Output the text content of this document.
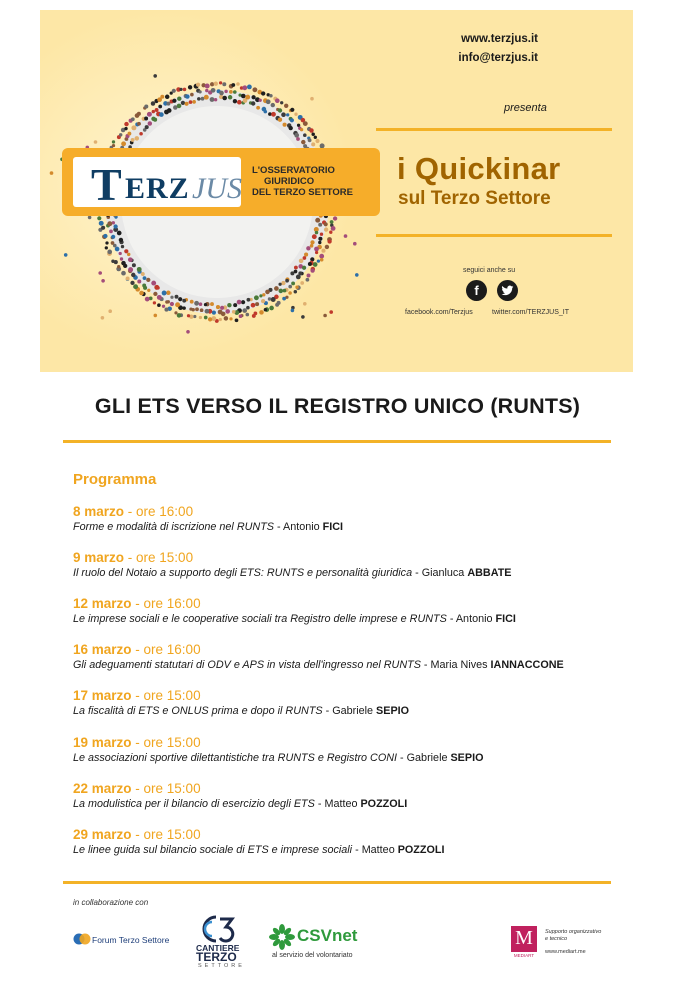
www.terzjus.it
info@terzjus.it
presenta
i Quickinar
sul Terzo Settore
seguici anche su
f
facebook.com/Terzjus	twitter.com/TERZJUS_IT
T ERZ JUS
L'OSSERVATORIO
GIURIDICO
DEL TERZO SETTORE
GLI ETS VERSO IL REGISTRO UNICO (RUNTS)
Programma
8 marzo - ore 16:00
Forme e modalità di iscrizione nel RUNTS - Antonio FICI
9 marzo - ore 15:00
Il ruolo del Notaio a supporto degli ETS: RUNTS e personalità giuridica - Gianluca ABBATE
12 marzo - ore 16:00
Le imprese sociali e le cooperative sociali tra Registro delle imprese e RUNTS - Antonio FICI
16 marzo - ore 16:00
Gli adeguamenti statutari di ODV e APS in vista dell'ingresso nel RUNTS - Maria Nives IANNACCONE
17 marzo - ore 15:00
La fiscalità di ETS e ONLUS prima e dopo il RUNTS - Gabriele SEPIO
19 marzo - ore 15:00
Le associazioni sportive dilettantistiche tra RUNTS e Registro CONI - Gabriele SEPIO
22 marzo - ore 15:00
La modulistica per il bilancio di esercizio degli ETS - Matteo POZZOLI
29 marzo - ore 15:00
Le linee guida sul bilancio sociale di ETS e imprese sociali - Matteo POZZOLI
in collaborazione con
Forum Terzo Settore
CANTIERE
TERZO
SETTORE
CSVnet
al servizio del volontariato
M
MEDIART
Supporto organizzativo
e tecnico
www.mediart.me
